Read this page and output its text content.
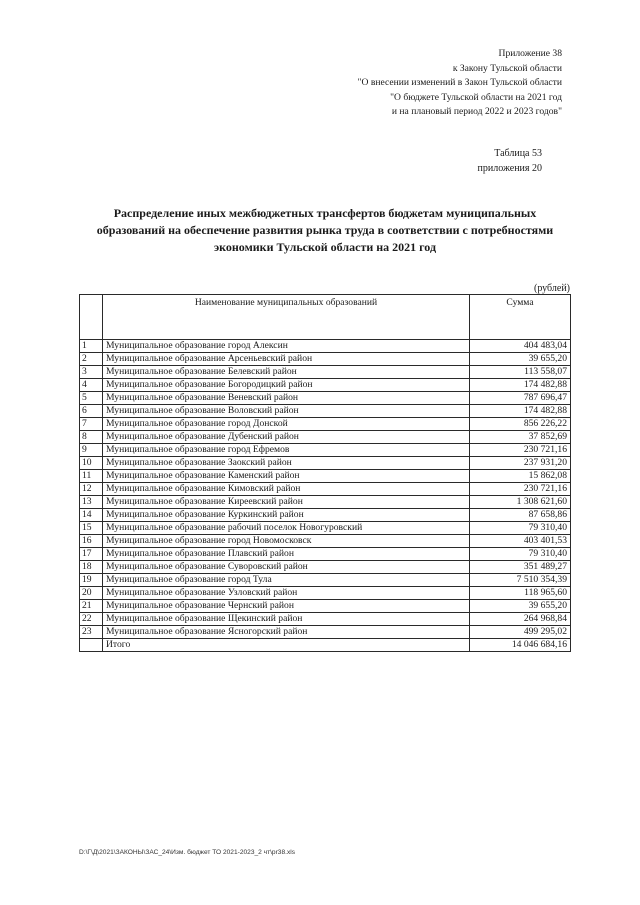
Приложение 38
к Закону Тульской области
"О внесении изменений в Закон Тульской области
"О бюджете Тульской области на 2021 год
и на плановый период 2022 и 2023 годов"
Таблица 53
приложения 20
Распределение иных межбюджетных трансфертов бюджетам муниципальных
образований на обеспечение развития рынка труда в соответствии с потребностями
экономики Тульской области на 2021 год
(рублей)
	Наименование муниципальных образований	Сумма
1	Муниципальное образование город Алексин	404 483,04
2	Муниципальное образование Арсеньевский район	39 655,20
3	Муниципальное образование Белевский район	113 558,07
4	Муниципальное образование Богородицкий район	174 482,88
5	Муниципальное образование Веневский район	787 696,47
6	Муниципальное образование Воловский район	174 482,88
7	Муниципальное образование город Донской	856 226,22
8	Муниципальное образование Дубенский район	37 852,69
9	Муниципальное образование город Ефремов	230 721,16
10	Муниципальное образование Заокский район	237 931,20
11	Муниципальное образование Каменский район	15 862,08
12	Муниципальное образование Кимовский район	230 721,16
13	Муниципальное образование Киреевский район	1 308 621,60
14	Муниципальное образование Куркинский район	87 658,86
15	Муниципальное образование рабочий поселок Новогуровский	79 310,40
16	Муниципальное образование город Новомосковск	403 401,53
17	Муниципальное образование Плавский район	79 310,40
18	Муниципальное образование Суворовский район	351 489,27
19	Муниципальное образование город Тула	7 510 354,39
20	Муниципальное образование Узловский район	118 965,60
21	Муниципальное образование Чернский район	39 655,20
22	Муниципальное образование Щекинский район	264 968,84
23	Муниципальное образование Ясногорский район	499 295,02
	Итого	14 046 684,16
D:\Г\Д\2021\ЗАКОНЫ\ЗАС_24\Изм. бюджет ТО 2021-2023_2 чт\pr38.xls
